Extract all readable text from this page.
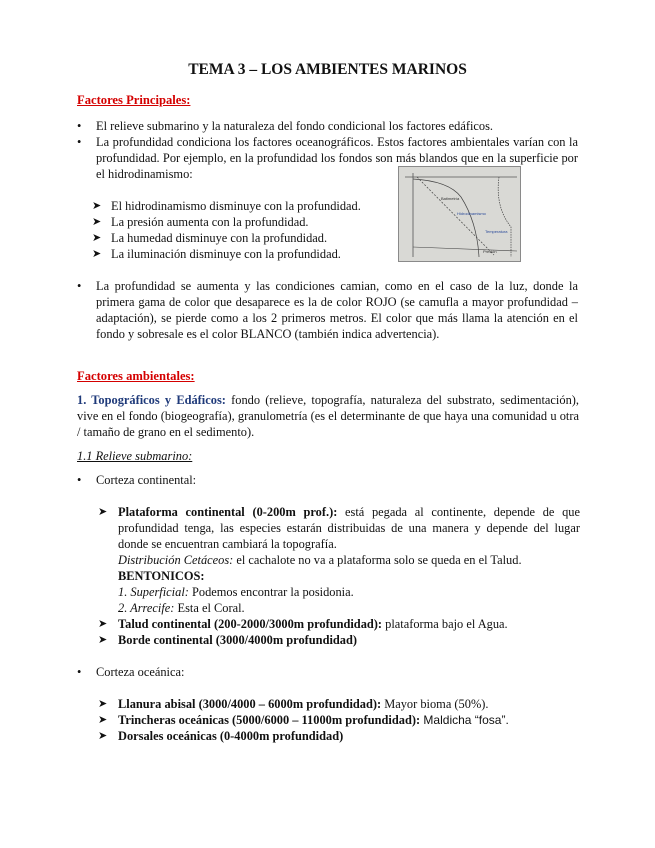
TEMA 3 – LOS AMBIENTES MARINOS
Factores Principales:
• El relieve submarino y la naturaleza del fondo condicional los factores edáficos.
• La profundidad condiciona los factores oceanográficos. Estos factores ambientales varían con la profundidad. Por ejemplo, en la profundidad los fondos son más blandos que en la superficie por el hidrodinamismo:
➤ El hidrodinamismo disminuye con la profundidad.
➤ La presión aumenta con la profundidad.
➤ La humedad disminuye con la profundidad.
➤ La iluminación disminuye con la profundidad.
Batimetría
Hidrodinamismo
Temperatura
Presión
• La profundidad se aumenta y las condiciones camian, como en el caso de la luz, donde la primera gama de color que desaparece es la de color ROJO (se camufla a mayor profundidad – adaptación), se pierde como a los 2 primeros metros. El color que más llama la atención en el fondo y sobresale es el color BLANCO (también indica advertencia).
Factores ambientales:
1. Topográficos y Edáficos: fondo (relieve, topografía, naturaleza del substrato, sedimentación), vive en el fondo (biogeografía), granulometría (es el determinante de que haya una comunidad u otra / tamaño de grano en el sedimento).
1.1 Relieve submarino:
• Corteza continental:
➤ Plataforma continental (0-200m prof.): está pegada al continente, depende de que profundidad tenga, las especies estarán distribuidas de una manera y depende del lugar donde se encuentran cambiará la topografía.
Distribución Cetáceos: el cachalote no va a plataforma solo se queda en el Talud.
BENTONICOS:
1. Superficial: Podemos encontrar la posidonia.
2. Arrecife: Esta el Coral.
➤ Talud continental (200-2000/3000m profundidad): plataforma bajo el Agua.
➤ Borde continental (3000/4000m profundidad)
• Corteza oceánica:
➤ Llanura abisal (3000/4000 – 6000m profundidad): Mayor bioma (50%).
➤ Trincheras oceánicas (5000/6000 – 11000m profundidad): Maldicha “fosa”.
➤ Dorsales oceánicas (0-4000m profundidad)
